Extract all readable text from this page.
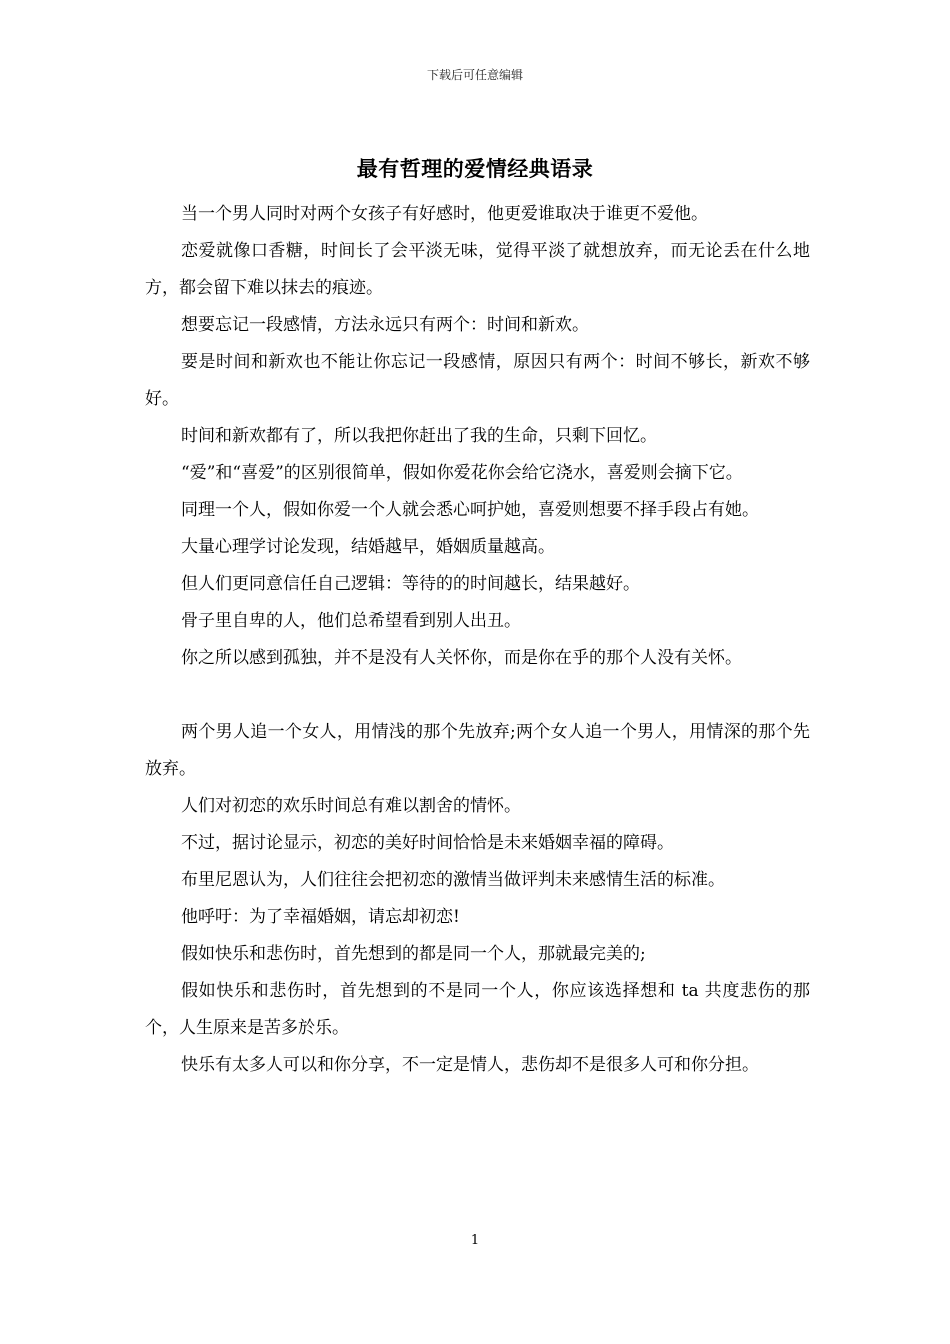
下载后可任意编辑
最有哲理的爱情经典语录

当一个男人同时对两个女孩子有好感时，他更爱谁取决于谁更不爱他。

恋爱就像口香糖，时间长了会平淡无味，觉得平淡了就想放弃，而无论丢在什么地方，都会留下难以抹去的痕迹。

想要忘记一段感情，方法永远只有两个：时间和新欢。

要是时间和新欢也不能让你忘记一段感情，原因只有两个：时间不够长，新欢不够好。

时间和新欢都有了，所以我把你赶出了我的生命，只剩下回忆。

“爱”和“喜爱”的区别很简单，假如你爱花你会给它浇水，喜爱则会摘下它。

同理一个人，假如你爱一个人就会悉心呵护她，喜爱则想要不择手段占有她。

大量心理学讨论发现，结婚越早，婚姻质量越高。

但人们更同意信任自己逻辑：等待的的时间越长，结果越好。

骨子里自卑的人，他们总希望看到别人出丑。

你之所以感到孤独，并不是没有人关怀你，而是你在乎的那个人没有关怀。

两个男人追一个女人，用情浅的那个先放弃;两个女人追一个男人，用情深的那个先放弃。

人们对初恋的欢乐时间总有难以割舍的情怀。

不过，据讨论显示，初恋的美好时间恰恰是未来婚姻幸福的障碍。

布里尼恩认为，人们往往会把初恋的激情当做评判未来感情生活的标准。

他呼吁：为了幸福婚姻，请忘却初恋!

假如快乐和悲伤时，首先想到的都是同一个人，那就最完美的;

假如快乐和悲伤时，首先想到的不是同一个人，你应该选择想和 ta 共度悲伤的那个，人生原来是苦多於乐。

快乐有太多人可以和你分享，不一定是情人，悲伤却不是很多人可和你分担。

1
